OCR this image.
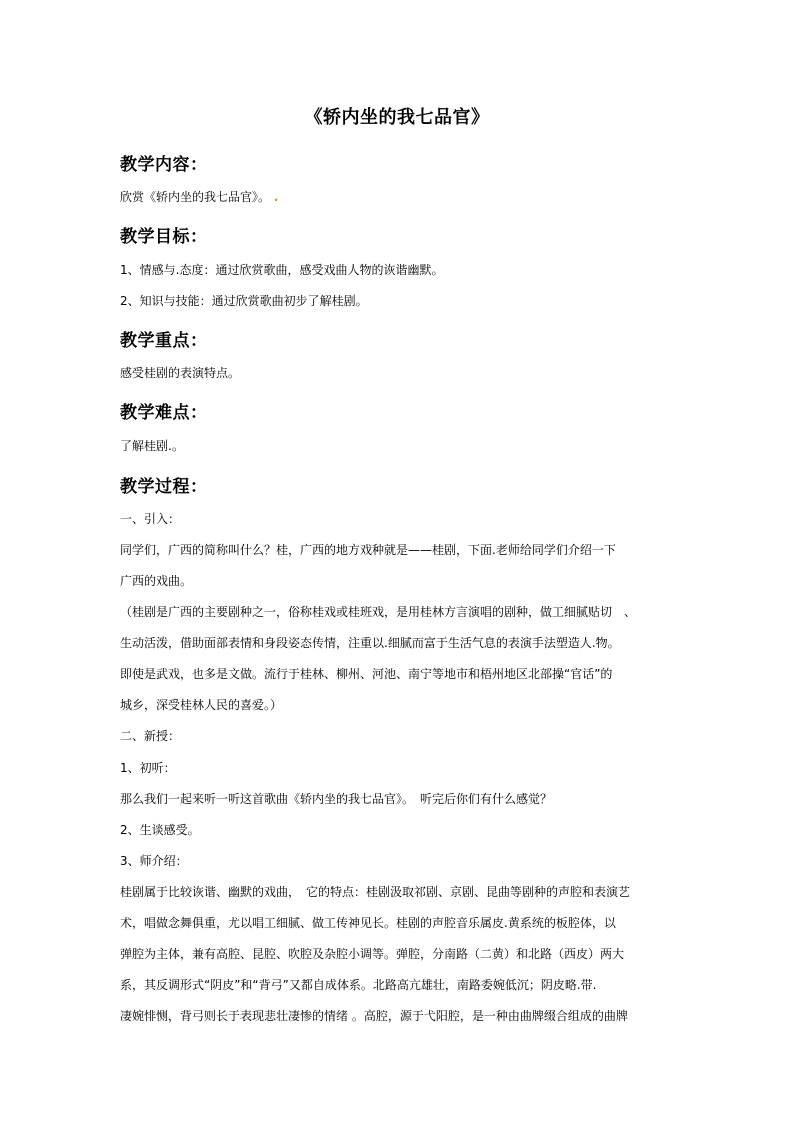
《轿内坐的我七品官》
教学内容：
欣赏《轿内坐的我七品官》。 .
教学目标：
1、情感与.态度：通过欣赏歌曲，感受戏曲人物的诙谐幽默。
2、知识与技能：通过欣赏歌曲初步了解桂剧。
教学重点：
感受桂剧的表演特点。
教学难点：
了解桂剧.。
教学过程：
一、引入：
同学们，广西的简称叫什么？桂，广西的地方戏种就是——桂剧，下面.老师给同学们介绍一下
广西的戏曲。
（桂剧是广西的主要剧种之一，俗称桂戏或桂班戏，是用桂林方言演唱的剧种，做工细腻贴切　、
生动活泼，借助面部表情和身段姿态传情，注重以.细腻而富于生活气息的表演手法塑造人.物。
即使是武戏，也多是文做。流行于桂林、柳州、河池、南宁等地市和梧州地区北部操“官话”的
城乡，深受桂林人民的喜爱。）
二、新授：
1、初听：
那么我们一起来听一听这首歌曲《轿内坐的我七品官》。　听完后你们有什么感觉？
2、生谈感受。
3、师介绍：
桂剧属于比较诙谐、幽默的戏曲，　它的特点：桂剧汲取祁剧、京剧、昆曲等剧种的声腔和表演艺
术，唱做念舞俱重，尤以唱工细腻、做工传神见长。桂剧的声腔音乐属皮.黄系统的板腔体，以
弹腔为主体，兼有高腔、昆腔、吹腔及杂腔小调等。弹腔，分南路（二黄）和北路（西皮）两大
系，其反调形式“阴皮”和“背弓”又都自成体系。北路高亢雄壮，南路委婉低沉；阴皮略.带.
凄婉悱恻，背弓则长于表现悲壮凄惨的情绪 。高腔，源于弋阳腔，是一种由曲牌缀合组成的曲牌
